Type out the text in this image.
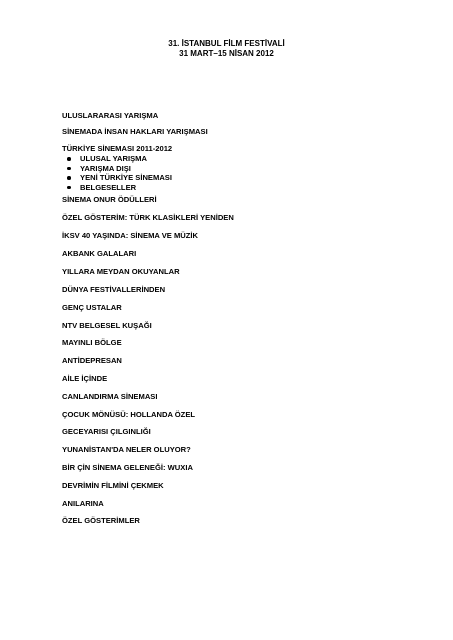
31. İSTANBUL FİLM FESTİVALİ
31 MART–15 NİSAN 2012
ULUSLARARASI YARIŞMA
SİNEMADA İNSAN HAKLARI YARIŞMASI
TÜRKİYE SİNEMASI 2011-2012
ULUSAL YARIŞMA
YARIŞMA DIŞI
YENİ TÜRKİYE SİNEMASI
BELGESELLER
SİNEMA ONUR ÖDÜLLERİ
ÖZEL GÖSTERİM: TÜRK KLASİKLERİ YENİDEN
İKSV 40 YAŞINDA: SİNEMA VE MÜZİK
AKBANK GALALARI
YILLARA MEYDAN OKUYANLAR
DÜNYA FESTİVALLERİNDEN
GENÇ USTALAR
NTV BELGESEL KUŞAĞI
MAYINLI BÖLGE
ANTİDEPRESAN
AİLE İÇİNDE
CANLANDIRMA SİNEMASI
ÇOCUK MÖNÜSÜ: HOLLANDA ÖZEL
GECEYARISI ÇILGINLIĞI
YUNANİSTAN'DA NELER OLUYOR?
BİR ÇİN SİNEMA GELENEĞİ: WUXIA
DEVRİMİN FİLMİNİ ÇEKMEK
ANILARINA
ÖZEL GÖSTERİMLER
